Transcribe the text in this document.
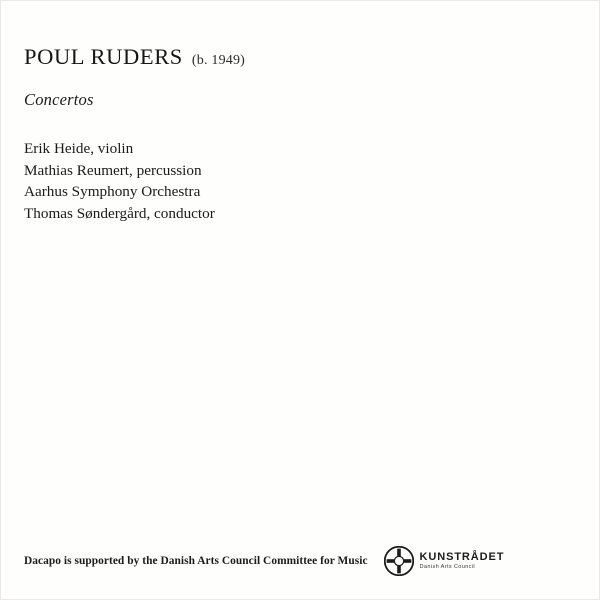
POUL RUDERS (b. 1949)
Concertos
Erik Heide, violin
Mathias Reumert, percussion
Aarhus Symphony Orchestra
Thomas Søndergård, conductor
Dacapo is supported by the Danish Arts Council Committee for Music	KUNSTRÅDET
Danish Arts Council
